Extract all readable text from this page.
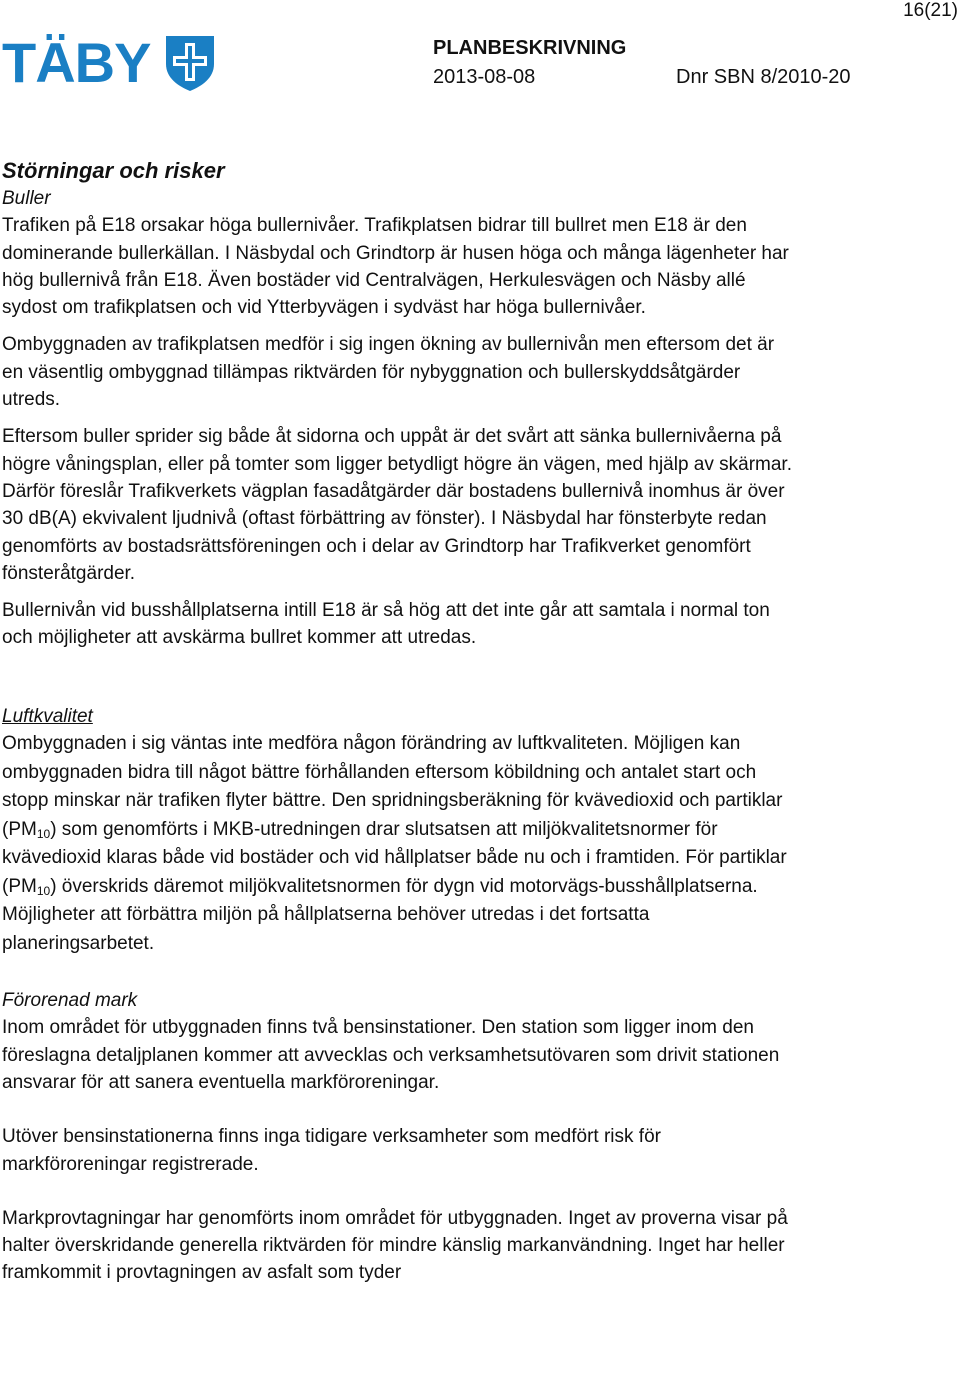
16(21)
TÄBY	PLANBESKRIVNING
2013-08-08	Dnr SBN 8/2010-20

Störningar och risker

Buller

Trafiken på E18 orsakar höga bullernivåer. Trafikplatsen bidrar till bullret men E18 är den dominerande bullerkällan. I Näsbydal och Grindtorp är husen höga och många lägenheter har hög bullernivå från E18. Även bostäder vid Centralvägen, Herkulesvägen och Näsby allé sydost om trafikplatsen och vid Ytterbyvägen i sydväst har höga bullernivåer.

Ombyggnaden av trafikplatsen medför i sig ingen ökning av bullernivån men eftersom det är en väsentlig ombyggnad tillämpas riktvärden för nybyggnation och bullerskyddsåtgärder utreds.

Eftersom buller sprider sig både åt sidorna och uppåt är det svårt att sänka bullernivåerna på högre våningsplan, eller på tomter som ligger betydligt högre än vägen, med hjälp av skärmar. Därför föreslår Trafikverkets vägplan fasadåtgärder där bostadens bullernivå inomhus är över 30 dB(A) ekvivalent ljudnivå (oftast förbättring av fönster). I Näsbydal har fönsterbyte redan genomförts av bostadsrättsföreningen och i delar av Grindtorp har Trafikverket genomfört fönsteråtgärder.

Bullernivån vid busshållplatserna intill E18 är så hög att det inte går att samtala i normal ton och möjligheter att avskärma bullret kommer att utredas.

Luftkvalitet

Ombyggnaden i sig väntas inte medföra någon förändring av luftkvaliteten. Möjligen kan ombyggnaden bidra till något bättre förhållanden eftersom köbildning och antalet start och stopp minskar när trafiken flyter bättre. Den spridningsberäkning för kvävedioxid och partiklar $(PM_{10})$ som genomförts i MKB-utredningen drar slutsatsen att miljökvalitetsnormer för kvävedioxid klaras både vid bostäder och vid hållplatser både nu och i framtiden. För partiklar $(PM_{10})$ överskrids däremot miljökvalitetsnormen för dygn vid motorvägs-busshållplatserna. Möjligheter att förbättra miljön på hållplatserna behöver utredas i det fortsatta planeringsarbetet.

Förorenad mark

Inom området för utbyggnaden finns två bensinstationer. Den station som ligger inom den föreslagna detaljplanen kommer att avvecklas och verksamhetsutövaren som drivit stationen ansvarar för att sanera eventuella markföroreningar.

Utöver bensinstationerna finns inga tidigare verksamheter som medfört risk för markföroreningar registrerade.

Markprovtagningar har genomförts inom området för utbyggnaden. Inget av proverna visar på halter överskridande generella riktvärden för mindre känslig markanvändning. Inget har heller framkommit i provtagningen av asfalt som tyder
